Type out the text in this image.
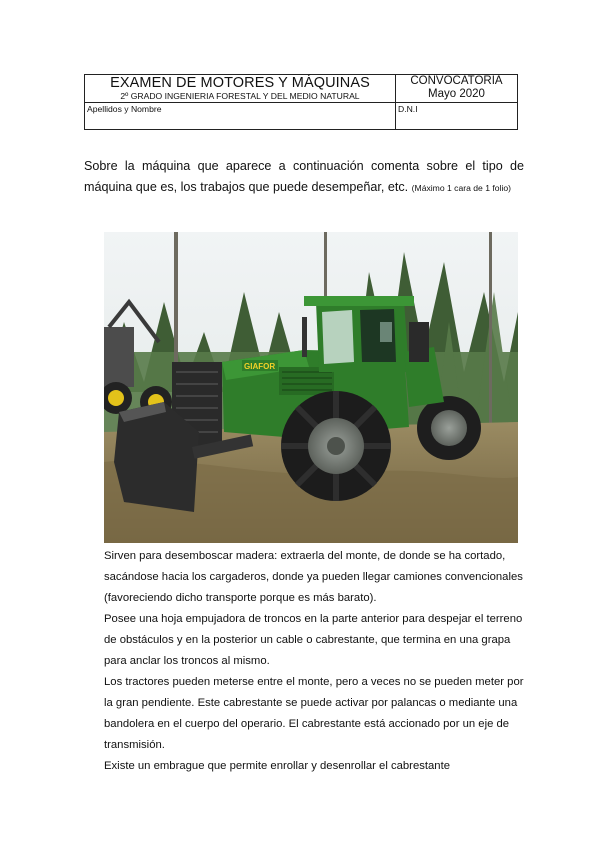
EXAMEN DE MOTORES Y MÁQUINAS
2º GRADO INGENIERIA FORESTAL Y DEL MEDIO NATURAL
CONVOCATORIA
Mayo 2020
Apellidos y Nombre	D.N.I
Sobre la máquina que aparece a continuación comenta sobre el tipo de máquina que es, los trabajos que puede desempeñar, etc. (Máximo 1 cara de 1 folio)
GIAFOR

Sirven para desemboscar madera: extraerla del monte, de donde se ha cortado, sacándose hacia los cargaderos, donde ya pueden llegar camiones convencionales (favoreciendo dicho transporte porque es más barato).

Posee una hoja empujadora de troncos en la parte anterior para despejar el terreno de obstáculos y en la posterior un cable o cabrestante, que termina en una grapa para anclar los troncos al mismo.

Los tractores pueden meterse entre el monte, pero a veces no se pueden meter por la gran pendiente. Este cabrestante se puede activar por palancas o mediante una bandolera en el cuerpo del operario. El cabrestante está accionado por un eje de transmisión.

Existe un embrague que permite enrollar y desenrollar el cabrestante
